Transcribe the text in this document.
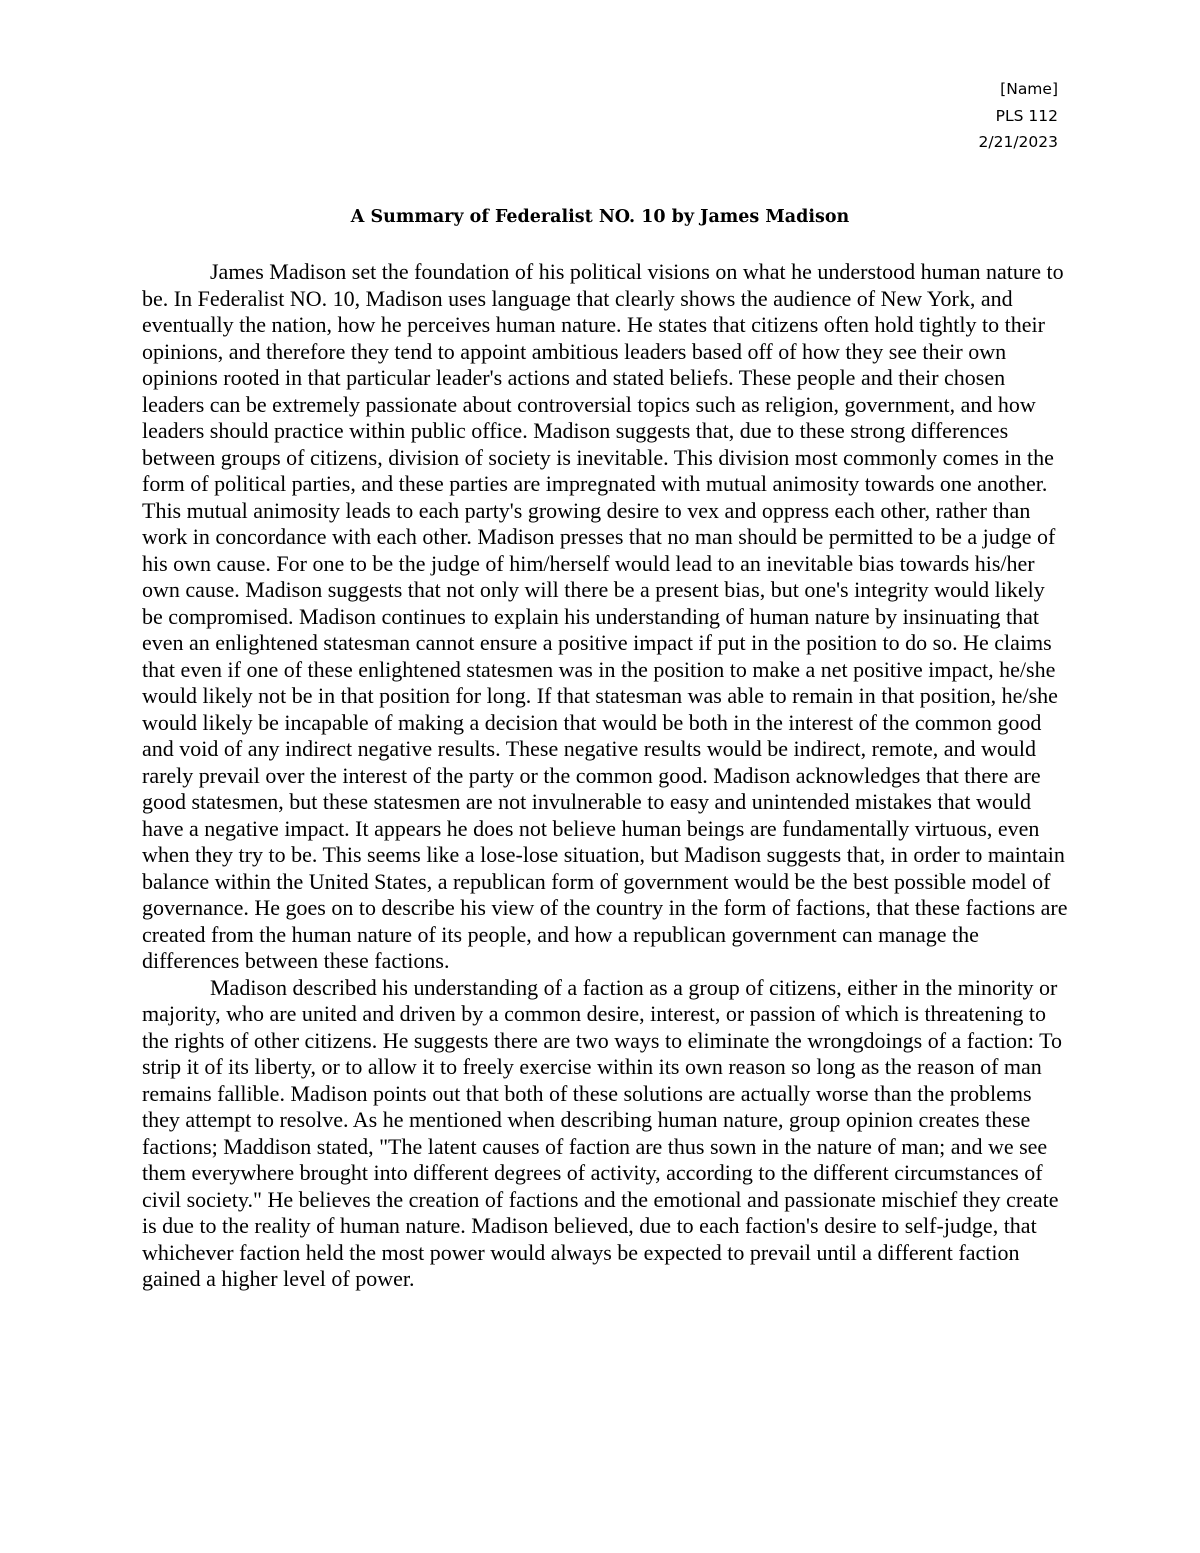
[Name]
PLS 112
2/21/2023
A Summary of Federalist NO. 10 by James Madison

James Madison set the foundation of his political visions on what he understood human nature to be. In Federalist NO. 10, Madison uses language that clearly shows the audience of New York, and eventually the nation, how he perceives human nature. He states that citizens often hold tightly to their opinions, and therefore they tend to appoint ambitious leaders based off of how they see their own opinions rooted in that particular leader's actions and stated beliefs. These people and their chosen leaders can be extremely passionate about controversial topics such as religion, government, and how leaders should practice within public office. Madison suggests that, due to these strong differences between groups of citizens, division of society is inevitable. This division most commonly comes in the form of political parties, and these parties are impregnated with mutual animosity towards one another. This mutual animosity leads to each party's growing desire to vex and oppress each other, rather than work in concordance with each other. Madison presses that no man should be permitted to be a judge of his own cause. For one to be the judge of him/herself would lead to an inevitable bias towards his/her own cause. Madison suggests that not only will there be a present bias, but one's integrity would likely be compromised. Madison continues to explain his understanding of human nature by insinuating that even an enlightened statesman cannot ensure a positive impact if put in the position to do so. He claims that even if one of these enlightened statesmen was in the position to make a net positive impact, he/she would likely not be in that position for long. If that statesman was able to remain in that position, he/she would likely be incapable of making a decision that would be both in the interest of the common good and void of any indirect negative results. These negative results would be indirect, remote, and would rarely prevail over the interest of the party or the common good. Madison acknowledges that there are good statesmen, but these statesmen are not invulnerable to easy and unintended mistakes that would have a negative impact. It appears he does not believe human beings are fundamentally virtuous, even when they try to be. This seems like a lose-lose situation, but Madison suggests that, in order to maintain balance within the United States, a republican form of government would be the best possible model of governance. He goes on to describe his view of the country in the form of factions, that these factions are created from the human nature of its people, and how a republican government can manage the differences between these factions.

Madison described his understanding of a faction as a group of citizens, either in the minority or majority, who are united and driven by a common desire, interest, or passion of which is threatening to the rights of other citizens. He suggests there are two ways to eliminate the wrongdoings of a faction: To strip it of its liberty, or to allow it to freely exercise within its own reason so long as the reason of man remains fallible. Madison points out that both of these solutions are actually worse than the problems they attempt to resolve. As he mentioned when describing human nature, group opinion creates these factions; Maddison stated, "The latent causes of faction are thus sown in the nature of man; and we see them everywhere brought into different degrees of activity, according to the different circumstances of civil society." He believes the creation of factions and the emotional and passionate mischief they create is due to the reality of human nature. Madison believed, due to each faction's desire to self-judge, that whichever faction held the most power would always be expected to prevail until a different faction gained a higher level of power.
